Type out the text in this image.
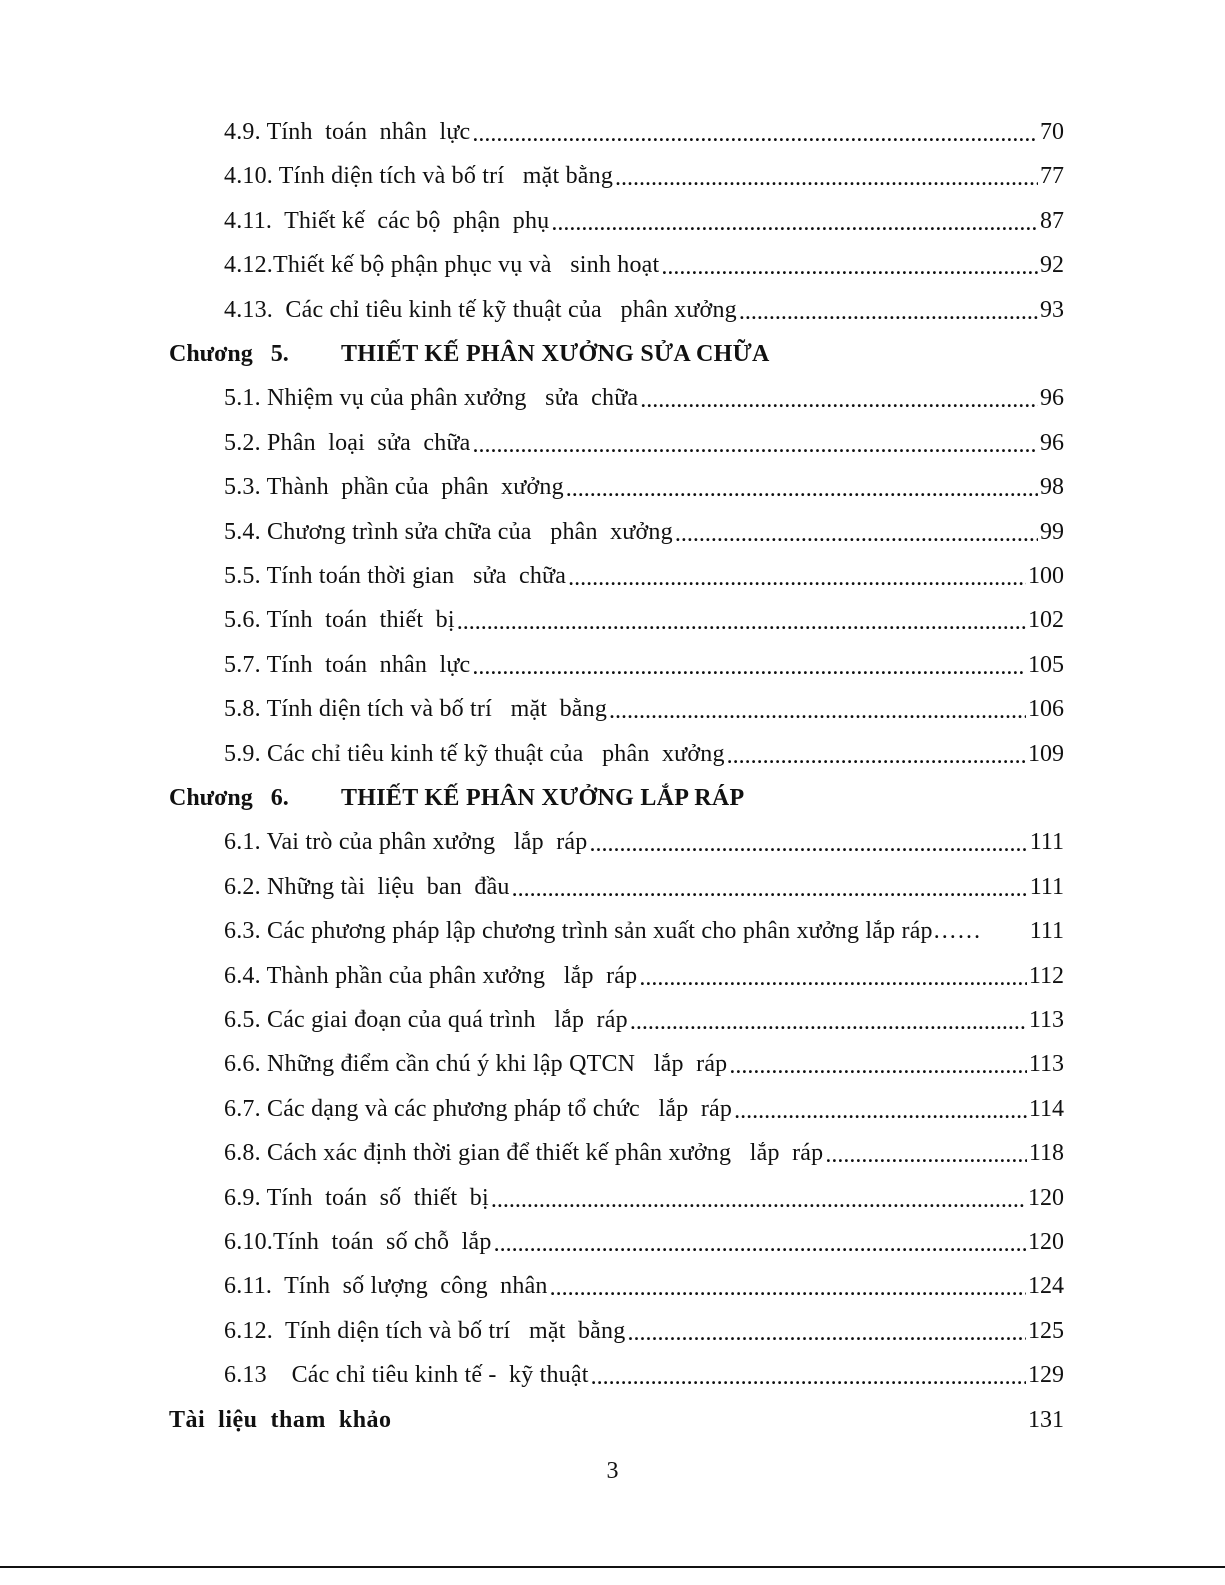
4.9. Tính  toán  nhân  lực .....	70
4.10. Tính diện tích và bố trí   mặt bằng .....	77
4.11.  Thiết kế  các bộ  phận  phụ .....	87
4.12.Thiết kế bộ phận phục vụ và   sinh hoạt .....	92
4.13.  Các chỉ tiêu kinh tế kỹ thuật của   phân xưởng .....	93
Chương   5.	THIẾT KẾ PHÂN XƯỞNG SỬA CHỮA
5.1. Nhiệm vụ của phân xưởng   sửa  chữa .....	96
5.2. Phân  loại  sửa  chữa .....	96
5.3. Thành  phần của  phân  xưởng .....	98
5.4. Chương trình sửa chữa của   phân  xưởng .....	99
5.5. Tính toán thời gian   sửa  chữa .....	100
5.6. Tính  toán  thiết  bị .....	102
5.7. Tính  toán  nhân  lực .....	105
5.8. Tính diện tích và bố trí   mặt  bằng .....	106
5.9. Các chỉ tiêu kinh tế kỹ thuật của   phân  xưởng .....	109
Chương   6.	THIẾT KẾ PHÂN XƯỞNG LẮP RÁP
6.1. Vai trò của phân xưởng   lắp  ráp .....	111
6.2. Những tài  liệu  ban  đầu .....	111
6.3. Các phương pháp lập chương trình sản xuất cho phân xưởng lắp ráp…… 111
6.4. Thành phần của phân xưởng   lắp  ráp .....	112
6.5. Các giai đoạn của quá trình   lắp  ráp .....	113
6.6. Những điểm cần chú ý khi lập QTCN   lắp  ráp .....	113
6.7. Các dạng và các phương pháp tổ chức   lắp  ráp .....	114
6.8. Cách xác định thời gian để thiết kế phân xưởng   lắp  ráp .....	118
6.9. Tính  toán  số  thiết  bị .....	120
6.10.Tính  toán  số chỗ  lắp .....	120
6.11.  Tính  số lượng  công  nhân .....	124
6.12.  Tính diện tích và bố trí   mặt  bằng .....	125
6.13    Các chỉ tiêu kinh tế -  kỹ thuật .....	129
Tài  liệu  tham  khảo	131
3
